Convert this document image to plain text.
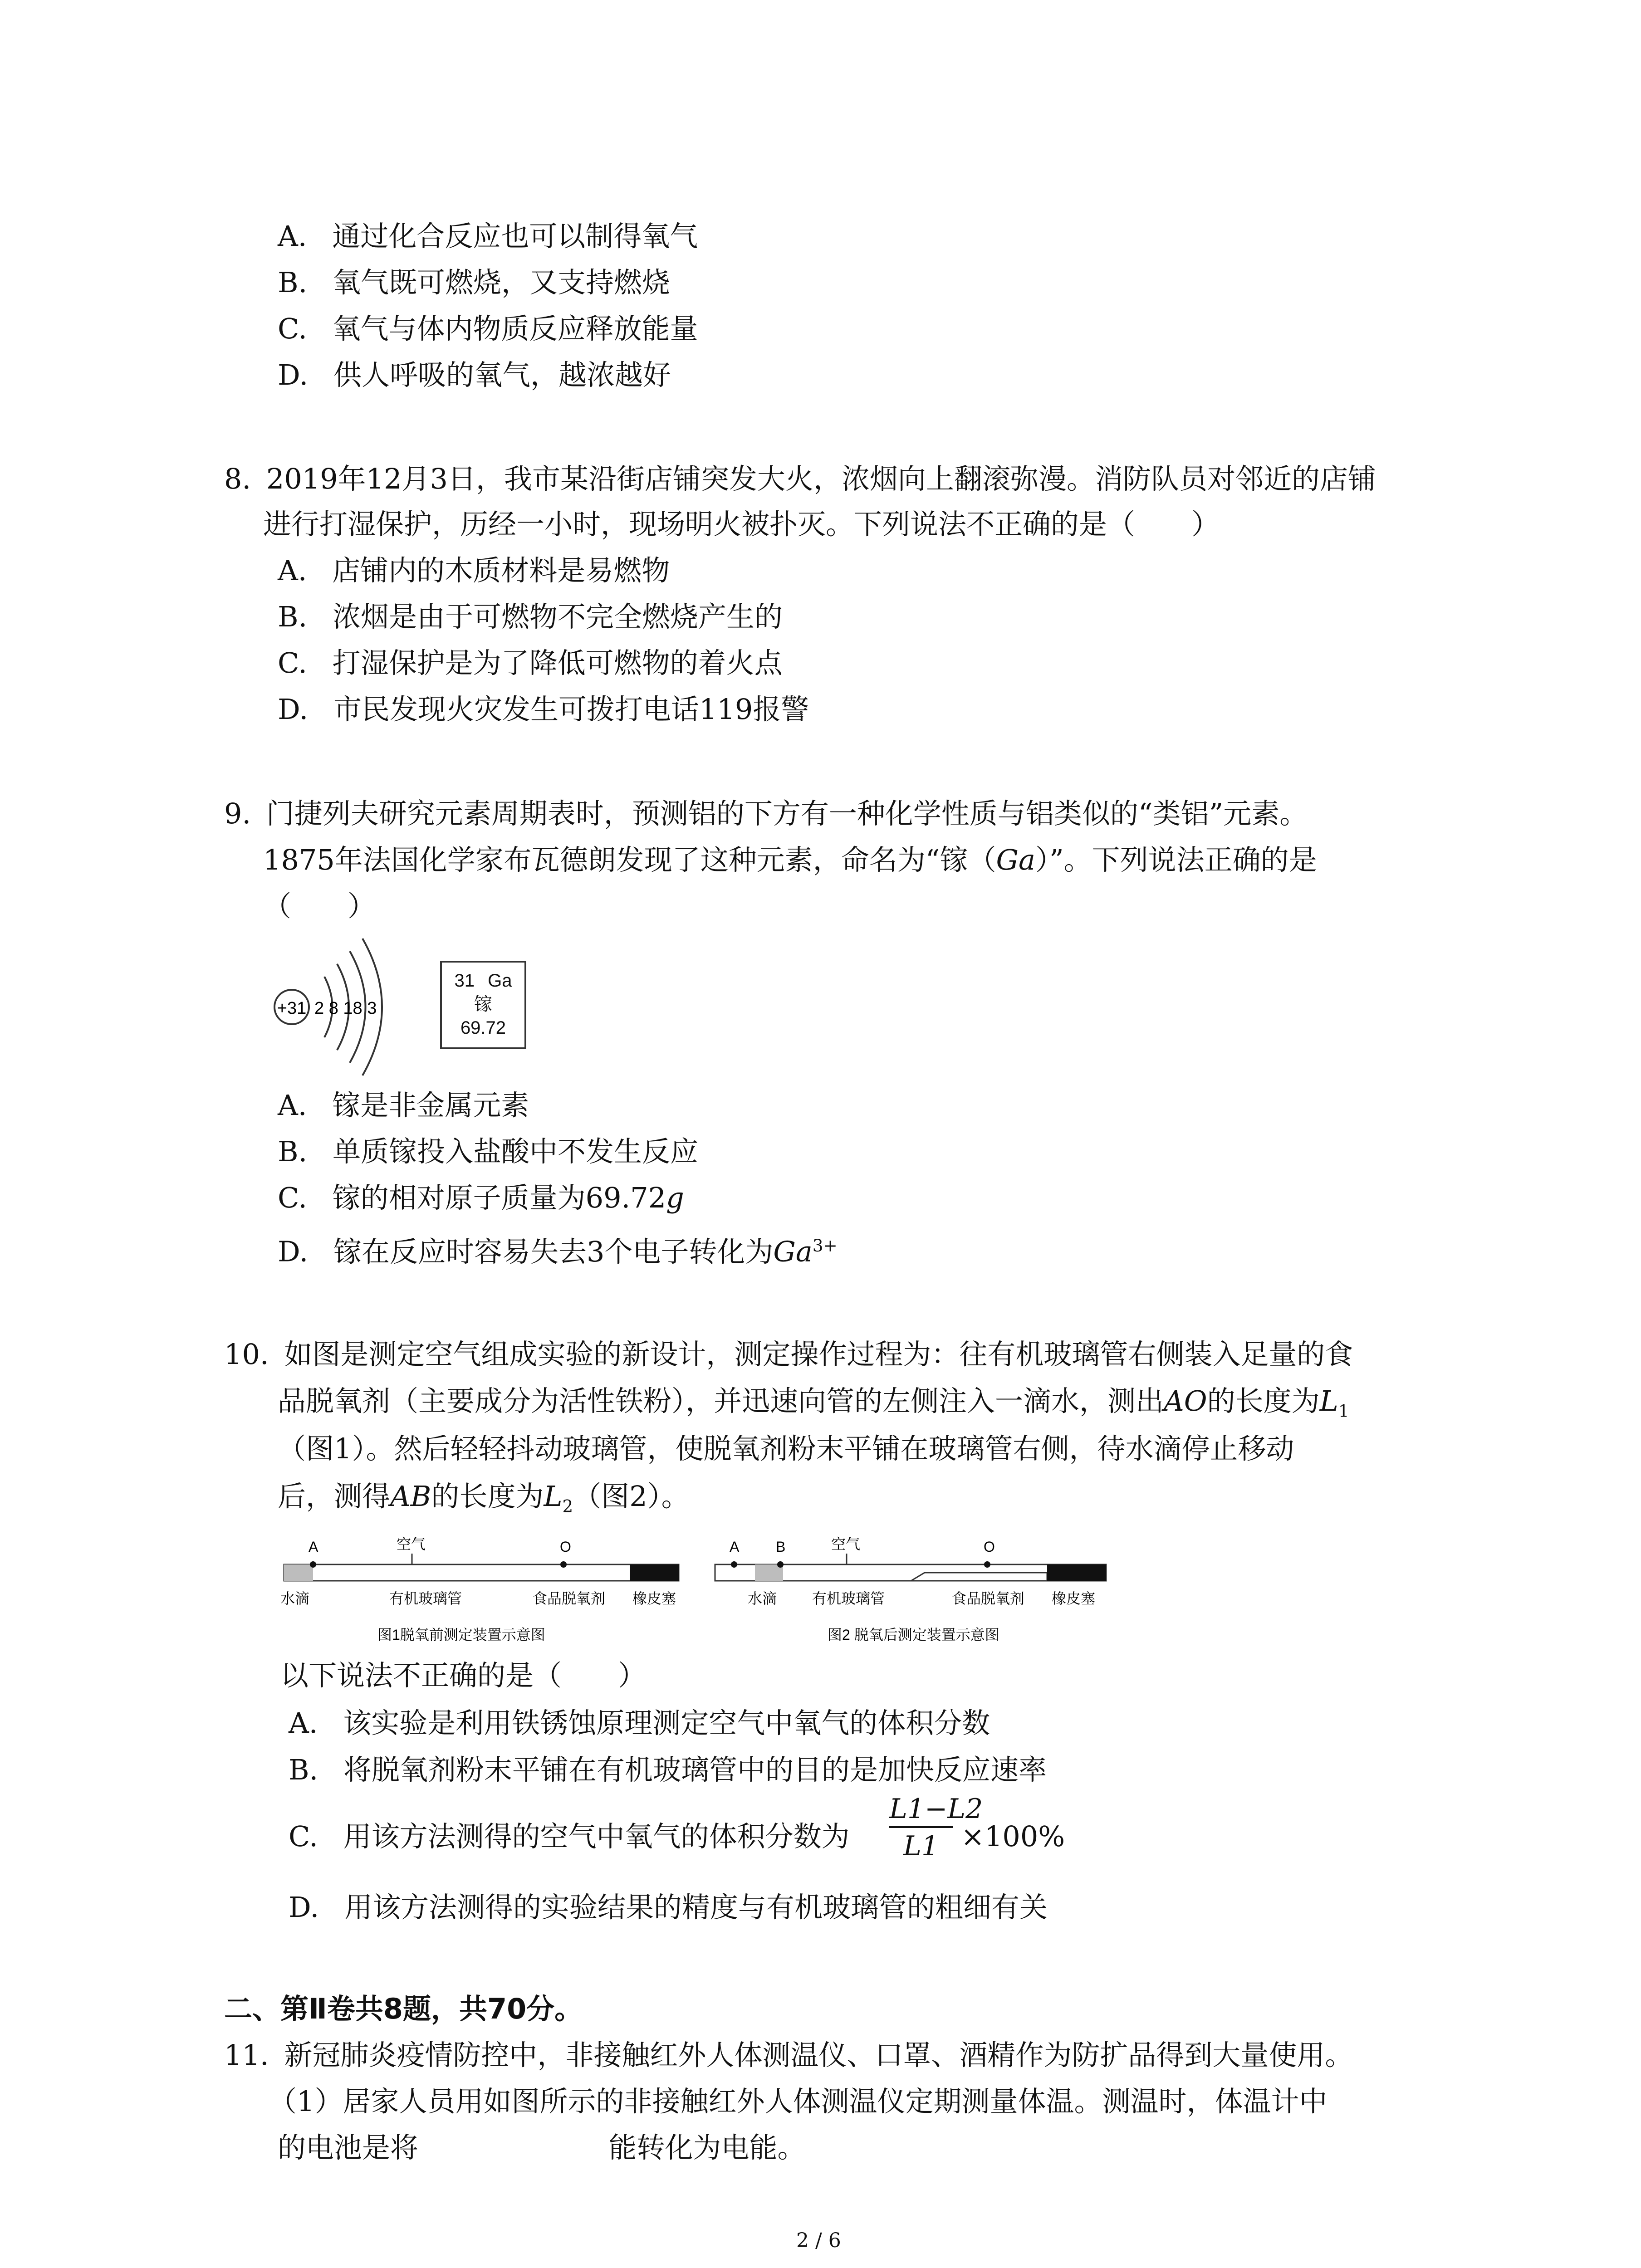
A. 通过化合反应也可以制得氧气
B. 氧气既可燃烧，又支持燃烧
C. 氧气与体内物质反应释放能量
D. 供人呼吸的氧气，越浓越好
8. 2019年12月3日，我市某沿街店铺突发大火，浓烟向上翻滚弥漫。消防队员对邻近的店铺
进行打湿保护，历经一小时，现场明火被扑灭。下列说法不正确的是（　　）
A. 店铺内的木质材料是易燃物
B. 浓烟是由于可燃物不完全燃烧产生的
C. 打湿保护是为了降低可燃物的着火点
D. 市民发现火灾发生可拨打电话119报警
9. 门捷列夫研究元素周期表时，预测铝的下方有一种化学性质与铝类似的“类铝”元素。
1875年法国化学家布瓦德朗发现了这种元素，命名为“镓（Ga）”。下列说法正确的是
（　　）
+31 2 8 18 3
31 Ga
镓
69.72
A. 镓是非金属元素
B. 单质镓投入盐酸中不发生反应
C. 镓的相对原子质量为69.72g
D. 镓在反应时容易失去3个电子转化为$Ga^{3+}$
10. 如图是测定空气组成实验的新设计，测定操作过程为：往有机玻璃管右侧装入足量的食
品脱氧剂（主要成分为活性铁粉），并迅速向管的左侧注入一滴水，测出AO的长度为$L_1$
（图1）。然后轻轻抖动玻璃管，使脱氧剂粉末平铺在玻璃管右侧，待水滴停止移动
后，测得AB的长度为$L_2$（图2）。
A	空气	O
水滴	有机玻璃管	食品脱氧剂 橡皮塞
图1脱氧前测定装置示意图
A	B	空气	O
水滴 有机玻璃管	食品脱氧剂 橡皮塞
图2 脱氧后测定装置示意图
以下说法不正确的是（　　）
A. 该实验是利用铁锈蚀原理测定空气中氧气的体积分数
B. 将脱氧剂粉末平铺在有机玻璃管中的目的是加快反应速率
C. 用该方法测得的空气中氧气的体积分数为 $\frac{L1-L2}{L1} \times 100\%$
D. 用该方法测得的实验结果的精度与有机玻璃管的粗细有关
二、第Ⅱ卷共8题，共70分。
11. 新冠肺炎疫情防控中，非接触红外人体测温仪、口罩、酒精作为防扩品得到大量使用。
（1）居家人员用如图所示的非接触红外人体测温仪定期测量体温。测温时，体温计中
的电池是将	能转化为电能。
2 / 6
